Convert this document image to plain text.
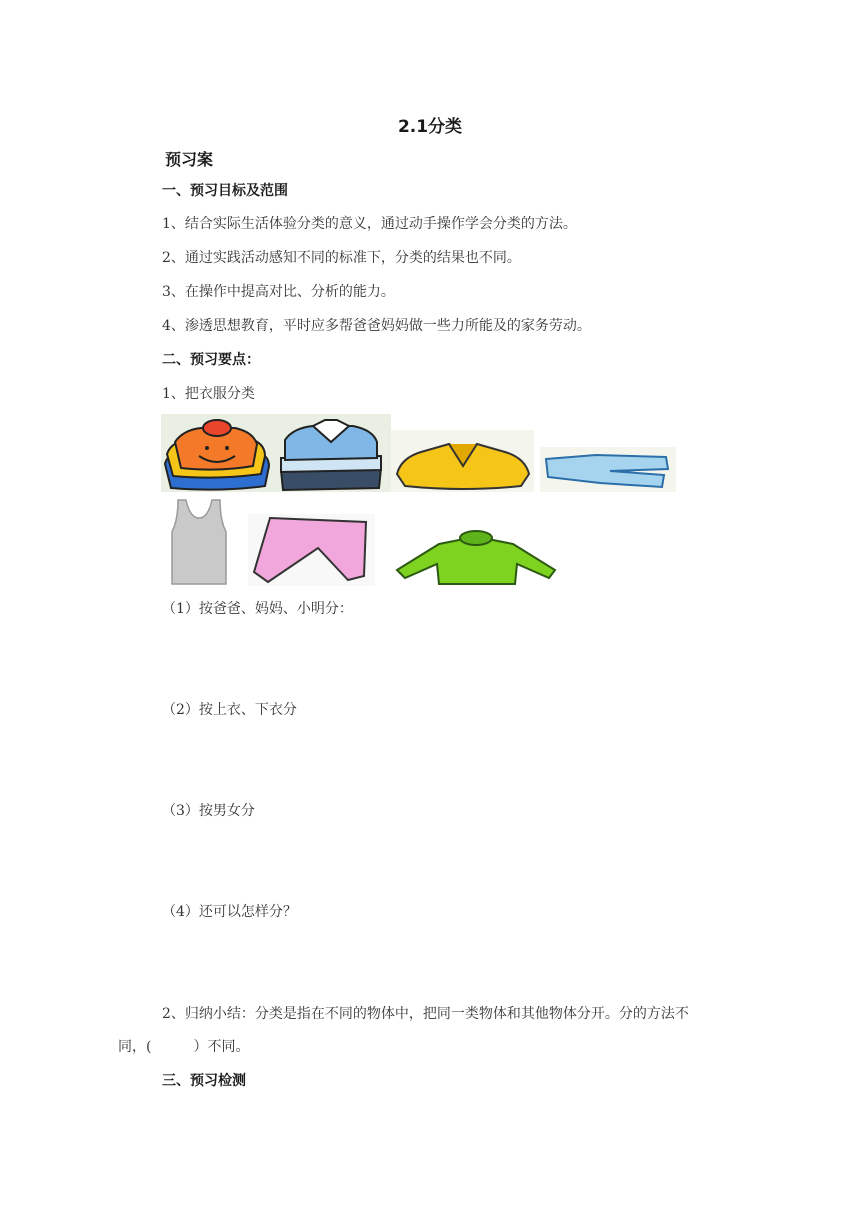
2.1分类
预习案
一、预习目标及范围
1、结合实际生活体验分类的意义，通过动手操作学会分类的方法。
2、通过实践活动感知不同的标准下，分类的结果也不同。
3、在操作中提高对比、分析的能力。
4、渗透思想教育，平时应多帮爸爸妈妈做一些力所能及的家务劳动。
二、预习要点：
1、把衣服分类
（1）按爸爸、妈妈、小明分：
（2）按上衣、下衣分
（3）按男女分
（4）还可以怎样分？
2、归纳小结：分类是指在不同的物体中，把同一类物体和其他物体分开。分的方法不
同，(　　　）不同。
三、预习检测
